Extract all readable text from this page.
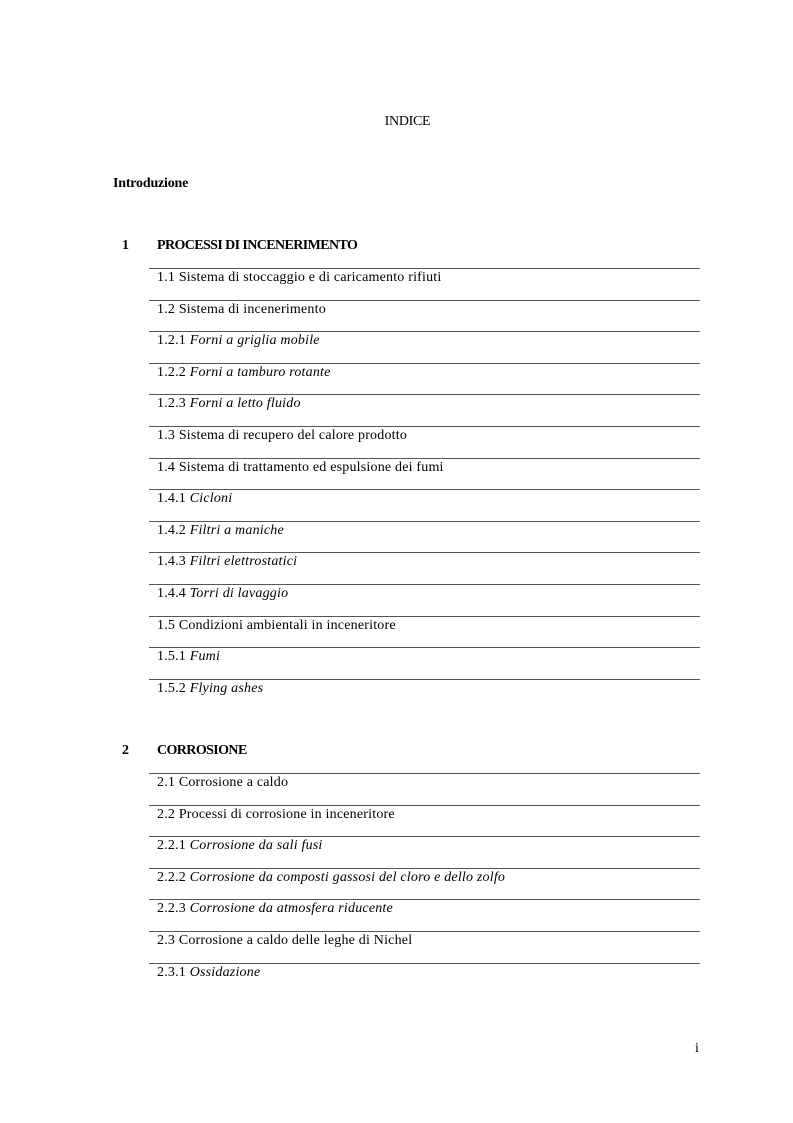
INDICE
Introduzione
1 PROCESSI DI INCENERIMENTO
1.1 Sistema di stoccaggio e di caricamento rifiuti
1.2 Sistema di incenerimento
1.2.1 Forni a griglia mobile
1.2.2 Forni a tamburo rotante
1.2.3 Forni a letto fluido
1.3 Sistema di recupero del calore prodotto
1.4 Sistema di trattamento ed espulsione dei fumi
1.4.1 Cicloni
1.4.2 Filtri a maniche
1.4.3 Filtri elettrostatici
1.4.4 Torri di lavaggio
1.5 Condizioni ambientali in inceneritore
1.5.1 Fumi
1.5.2 Flying ashes
2 CORROSIONE
2.1 Corrosione a caldo
2.2 Processi di corrosione in inceneritore
2.2.1 Corrosione da sali fusi
2.2.2 Corrosione da composti gassosi del cloro e dello zolfo
2.2.3 Corrosione da atmosfera riducente
2.3 Corrosione a caldo delle leghe di Nichel
2.3.1 Ossidazione
i
